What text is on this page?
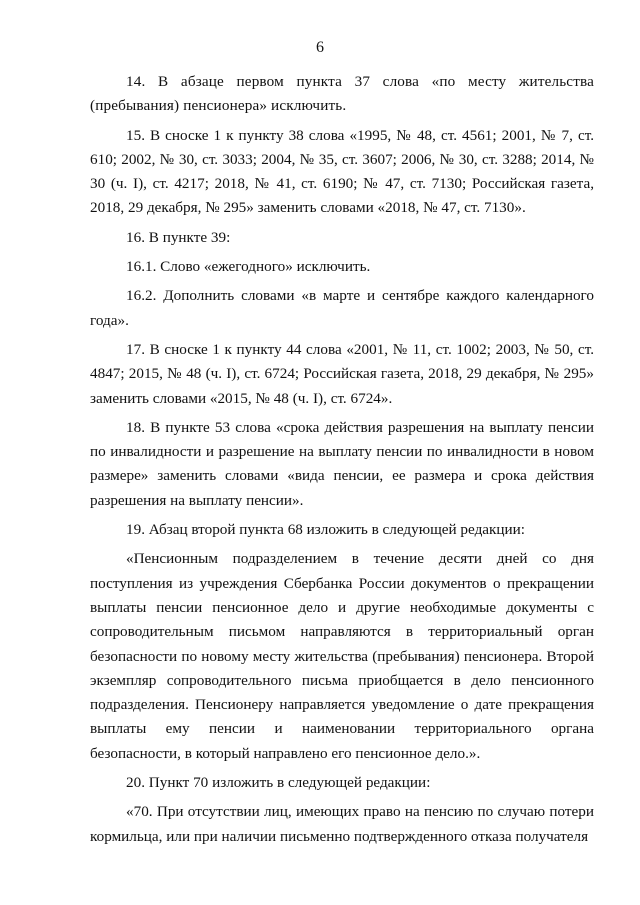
6

14. В абзаце первом пункта 37 слова «по месту жительства (пребывания) пенсионера» исключить.

15. В сноске 1 к пункту 38 слова «1995, № 48, ст. 4561; 2001, № 7, ст. 610; 2002, № 30, ст. 3033; 2004, № 35, ст. 3607; 2006, № 30, ст. 3288; 2014, № 30 (ч. I), ст. 4217; 2018, № 41, ст. 6190; № 47, ст. 7130; Российская газета, 2018, 29 декабря, № 295» заменить словами «2018, № 47, ст. 7130».

16. В пункте 39:

16.1. Слово «ежегодного» исключить.

16.2. Дополнить словами «в марте и сентябре каждого календарного года».

17. В сноске 1 к пункту 44 слова «2001, № 11, ст. 1002; 2003, № 50, ст. 4847; 2015, № 48 (ч. I), ст. 6724; Российская газета, 2018, 29 декабря, № 295» заменить словами «2015, № 48 (ч. I), ст. 6724».

18. В пункте 53 слова «срока действия разрешения на выплату пенсии по инвалидности и разрешение на выплату пенсии по инвалидности в новом размере» заменить словами «вида пенсии, ее размера и срока действия разрешения на выплату пенсии».

19. Абзац второй пункта 68 изложить в следующей редакции:

«Пенсионным подразделением в течение десяти дней со дня поступления из учреждения Сбербанка России документов о прекращении выплаты пенсии пенсионное дело и другие необходимые документы с сопроводительным письмом направляются в территориальный орган безопасности по новому месту жительства (пребывания) пенсионера. Второй экземпляр сопроводительного письма приобщается в дело пенсионного подразделения. Пенсионеру направляется уведомление о дате прекращения выплаты ему пенсии и наименовании территориального органа безопасности, в который направлено его пенсионное дело.».

20. Пункт 70 изложить в следующей редакции:

«70. При отсутствии лиц, имеющих право на пенсию по случаю потери кормильца, или при наличии письменно подтвержденного отказа получателя
